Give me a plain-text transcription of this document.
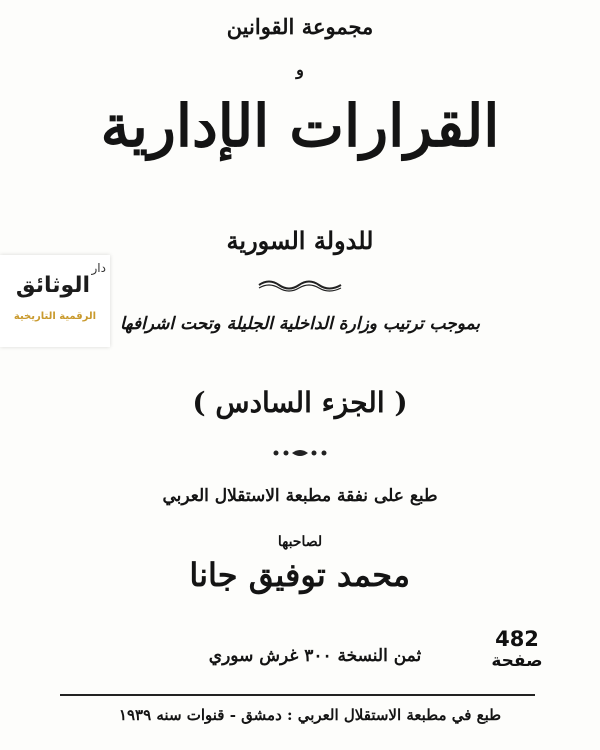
مجموعة القوانين
و
القرارات الإدارية
للدولة السورية
بموجب ترتيب وزارة الداخلية الجليلة وتحت اشرافها
( الجزء السادس )
طبع على نفقة مطبعة الاستقلال العربي
لصاحبها
محمد توفيق جانا
482
صفحة
ثمن النسخة ٣٠٠ غرش سوري
طبع في مطبعة الاستقلال العربي : دمشق - قنوات سنه ١٩٣٩
دار
الوثائق
الرقمية التاريخية
